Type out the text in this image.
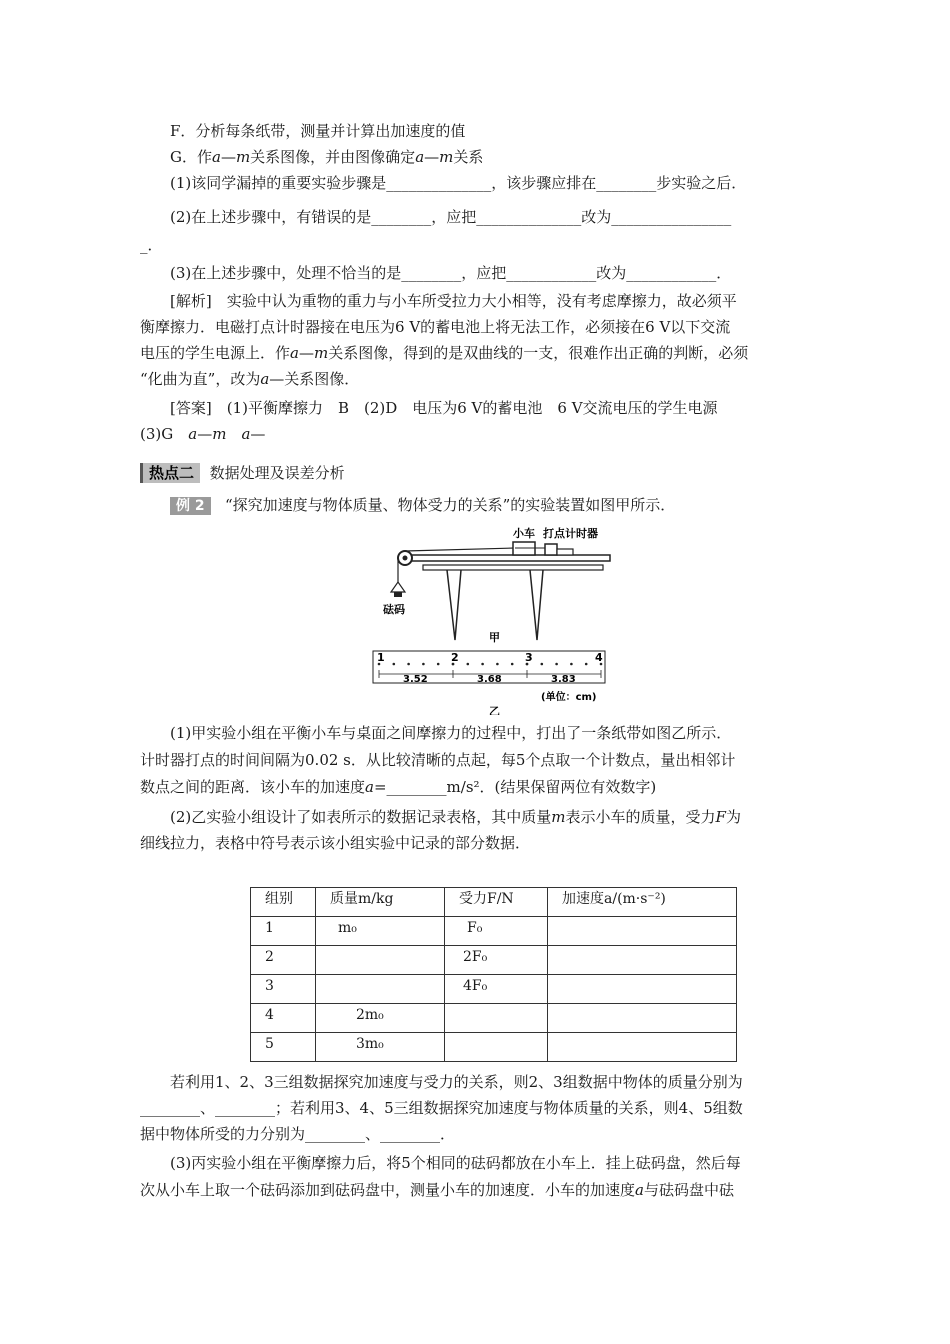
F．分析每条纸带，测量并计算出加速度的值
G．作a—m关系图像，并由图像确定a—m关系
(1)该同学漏掉的重要实验步骤是______________，该步骤应排在________步实验之后．
(2)在上述步骤中，有错误的是________，应把______________改为________________
_．
(3)在上述步骤中，处理不恰当的是________，应把____________改为____________．
[解析]　实验中认为重物的重力与小车所受拉力大小相等，没有考虑摩擦力，故必须平
衡摩擦力．电磁打点计时器接在电压为6 V的蓄电池上将无法工作，必须接在6 V以下交流
电压的学生电源上．作a—m关系图像，得到的是双曲线的一支，很难作出正确的判断，必须
“化曲为直”，改为a—关系图像．
[答案]　(1)平衡摩擦力　B　(2)D　电压为6 V的蓄电池　6 V交流电压的学生电源
(3)G　a—m　 a—
热点二 数据处理及误差分析
例 2 “探究加速度与物体质量、物体受力的关系”的实验装置如图甲所示．
小车 打点计时器
砝码
甲
1	2	3	4
3.52	3.68	3.83
(单位：cm)
乙
(1)甲实验小组在平衡小车与桌面之间摩擦力的过程中，打出了一条纸带如图乙所示．
计时器打点的时间间隔为0.02 s．从比较清晰的点起，每5个点取一个计数点，量出相邻计
数点之间的距离．该小车的加速度a=________m/s²．(结果保留两位有效数字)
(2)乙实验小组设计了如表所示的数据记录表格，其中质量m表示小车的质量，受力F为
细线拉力，表格中符号表示该小组实验中记录的部分数据．
组别	质量m/kg	受力F/N	加速度a/(m·s⁻²)
1	m₀	F₀	
2		2F₀	
3		4F₀	
4	2m₀		
5	3m₀		
若利用1、2、3三组数据探究加速度与受力的关系，则2、3组数据中物体的质量分别为
________、________；若利用3、4、5三组数据探究加速度与物体质量的关系，则4、5组数
据中物体所受的力分别为________、________．
(3)丙实验小组在平衡摩擦力后，将5个相同的砝码都放在小车上．挂上砝码盘，然后每
次从小车上取一个砝码添加到砝码盘中，测量小车的加速度．小车的加速度a与砝码盘中砝
